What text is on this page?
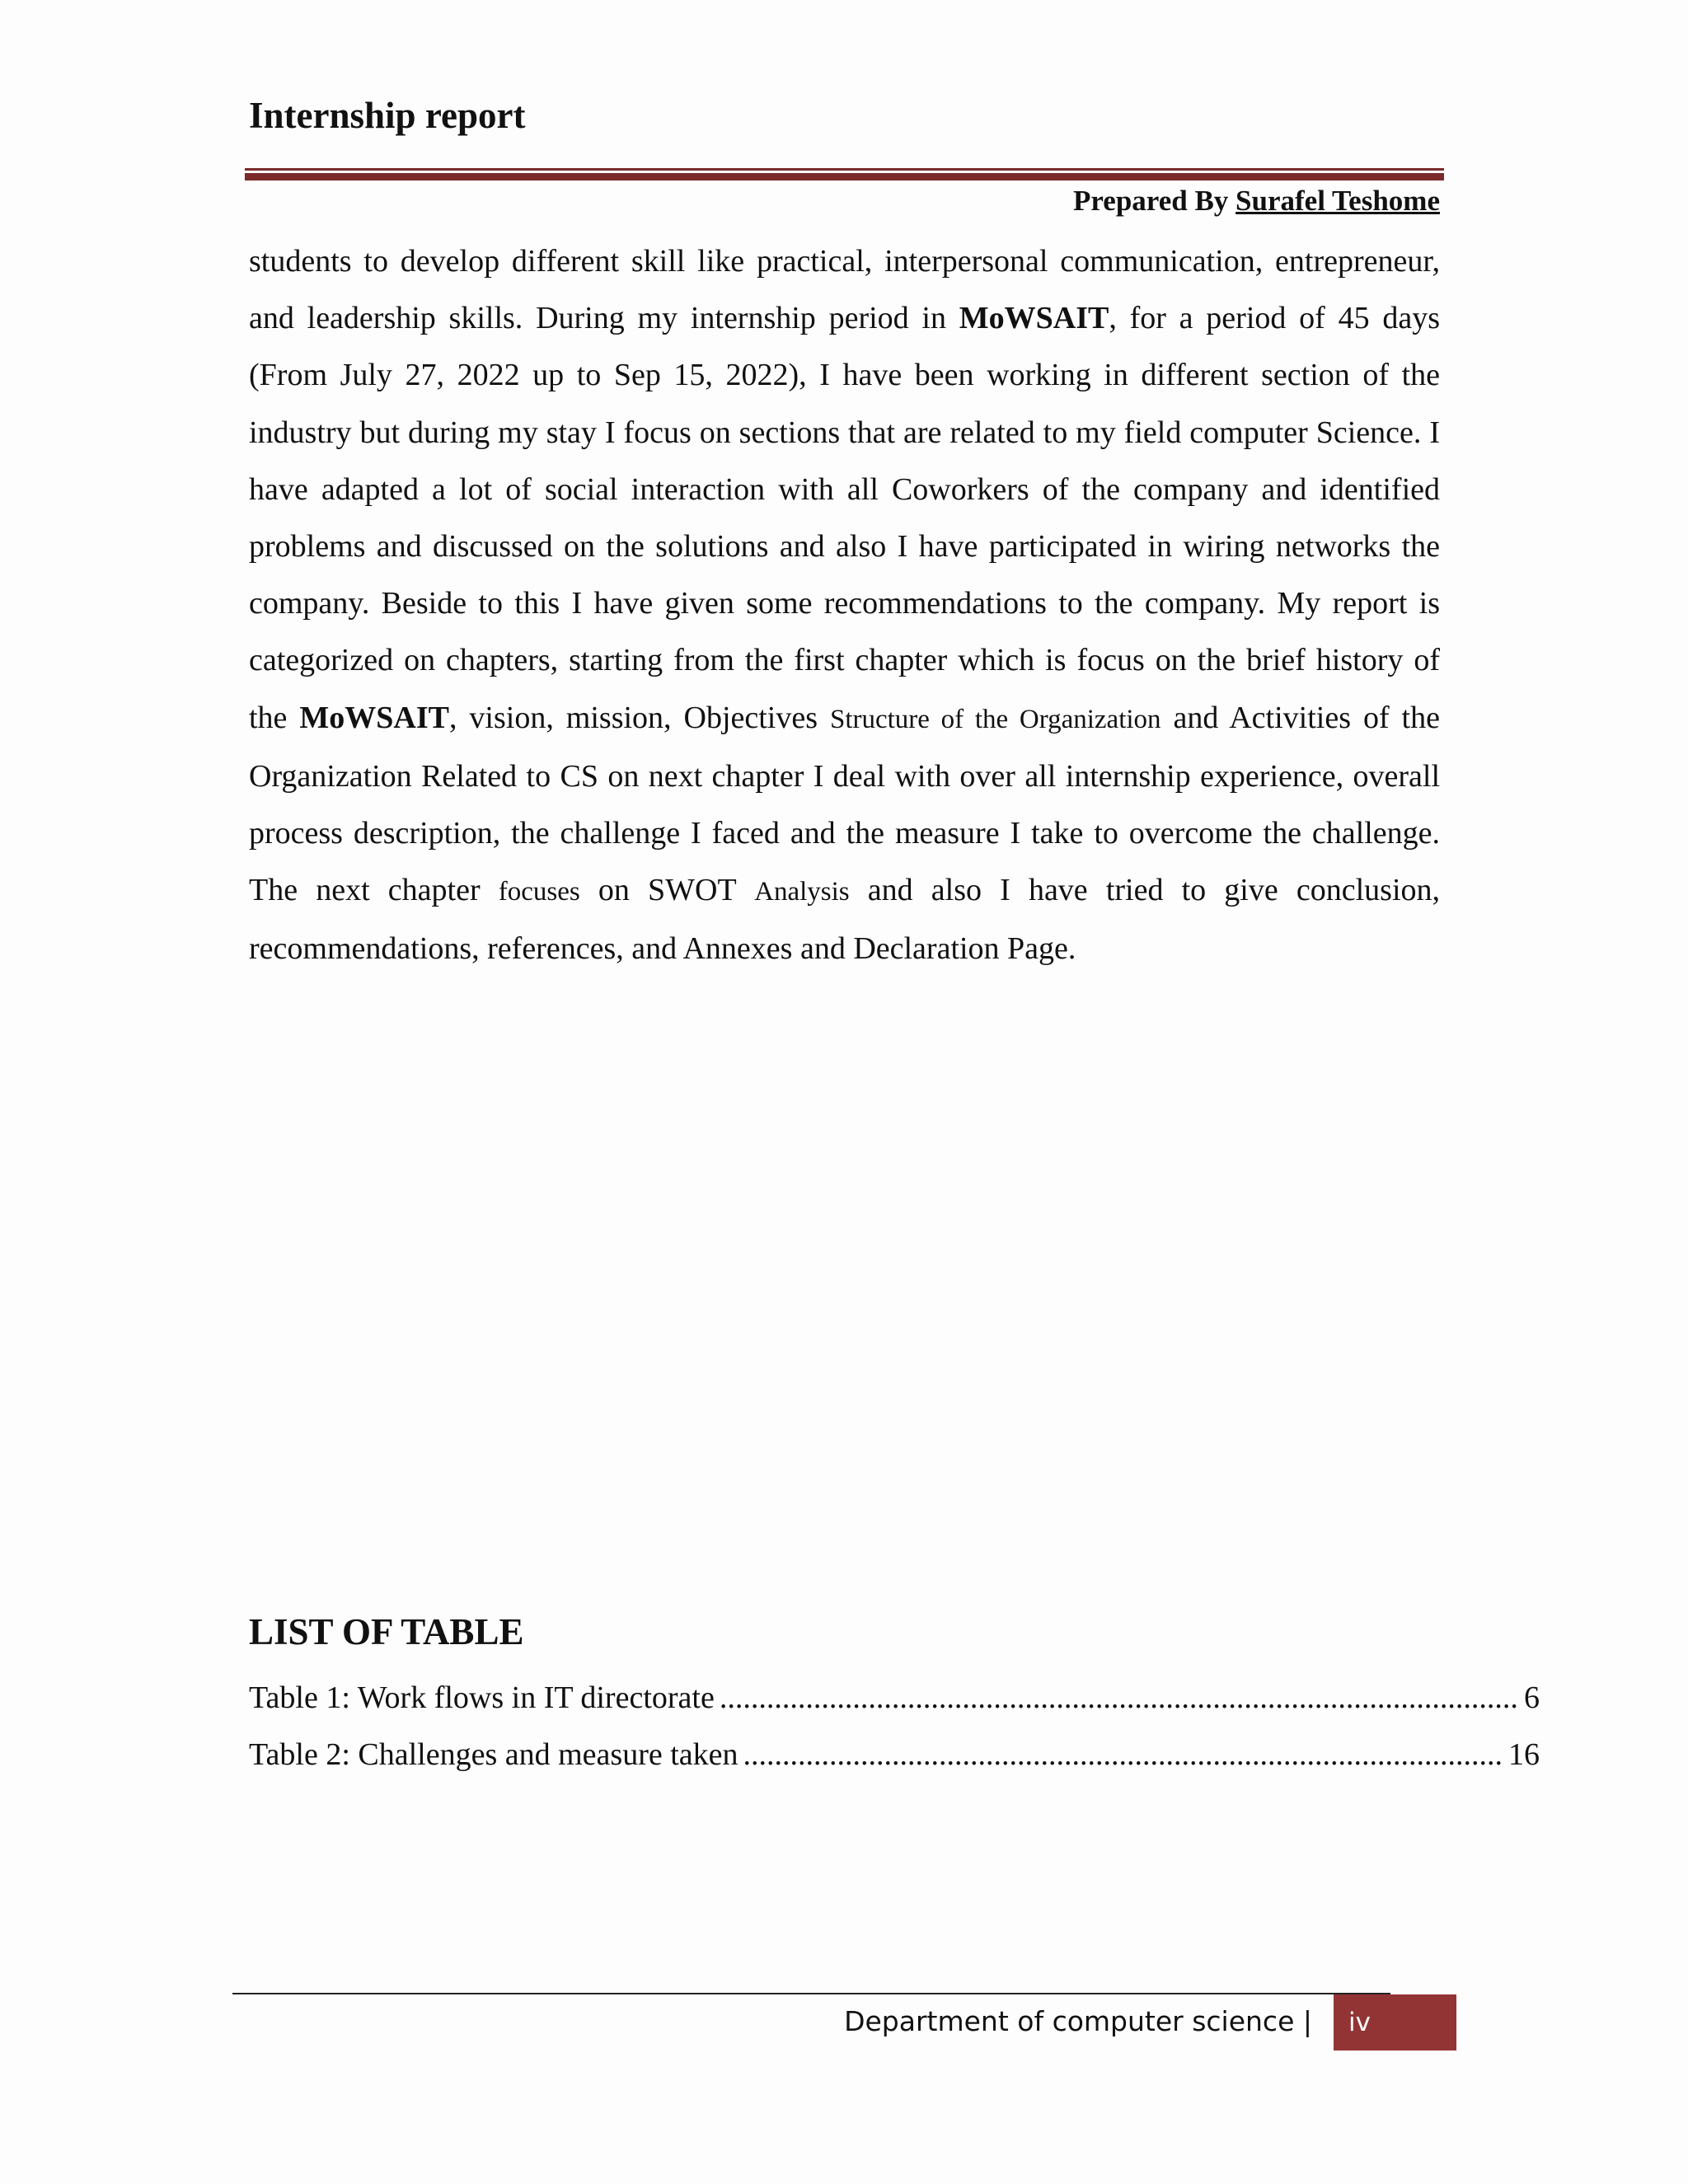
Internship report
Prepared By Surafel Teshome

students to develop different skill like practical, interpersonal communication, entrepreneur, and leadership skills. During my internship period in MoWSAIT, for a period of 45 days (From July 27, 2022 up to Sep 15, 2022), I have been working in different section of the industry but during my stay I focus on sections that are related to my field computer Science. I have adapted a lot of social interaction with all Coworkers of the company and identified problems and discussed on the solutions and also I have participated in wiring networks the company. Beside to this I have given some recommendations to the company. My report is categorized on chapters, starting from the first chapter which is focus on the brief history of the MoWSAIT, vision, mission, Objectives Structure of the Organization and Activities of the Organization Related to CS on next chapter I deal with over all internship experience, overall process description, the challenge I faced and the measure I take to overcome the challenge. The next chapter focuses on SWOT Analysis and also I have tried to give conclusion, recommendations, references, and Annexes and Declaration Page.

LIST OF TABLE
Table 1: Work flows in IT directorate .....	6
Table 2: Challenges and measure taken .....	16
Department of computer science |	iv
